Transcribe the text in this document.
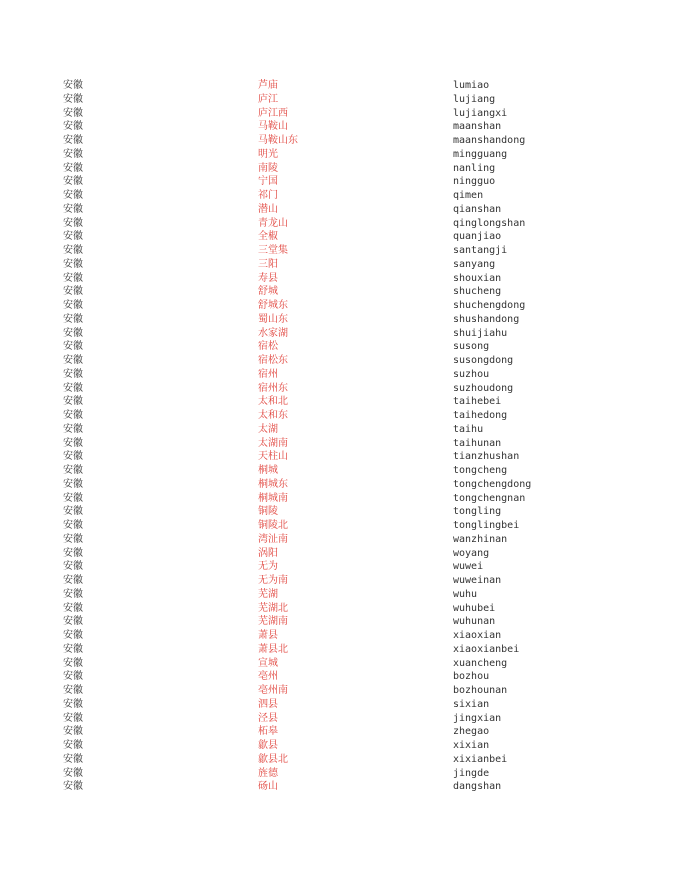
安徽	芦庙	lumiao
安徽	庐江	lujiang
安徽	庐江西	lujiangxi
安徽	马鞍山	maanshan
安徽	马鞍山东	maanshandong
安徽	明光	mingguang
安徽	南陵	nanling
安徽	宁国	ningguo
安徽	祁门	qimen
安徽	潜山	qianshan
安徽	青龙山	qinglongshan
安徽	全椒	quanjiao
安徽	三堂集	santangji
安徽	三阳	sanyang
安徽	寿县	shouxian
安徽	舒城	shucheng
安徽	舒城东	shuchengdong
安徽	蜀山东	shushandong
安徽	水家湖	shuijiahu
安徽	宿松	susong
安徽	宿松东	susongdong
安徽	宿州	suzhou
安徽	宿州东	suzhoudong
安徽	太和北	taihebei
安徽	太和东	taihedong
安徽	太湖	taihu
安徽	太湖南	taihunan
安徽	天柱山	tianzhushan
安徽	桐城	tongcheng
安徽	桐城东	tongchengdong
安徽	桐城南	tongchengnan
安徽	铜陵	tongling
安徽	铜陵北	tonglingbei
安徽	湾沚南	wanzhinan
安徽	涡阳	woyang
安徽	无为	wuwei
安徽	无为南	wuweinan
安徽	芜湖	wuhu
安徽	芜湖北	wuhubei
安徽	芜湖南	wuhunan
安徽	萧县	xiaoxian
安徽	萧县北	xiaoxianbei
安徽	宣城	xuancheng
安徽	亳州	bozhou
安徽	亳州南	bozhounan
安徽	泗县	sixian
安徽	泾县	jingxian
安徽	柘皋	zhegao
安徽	歙县	xixian
安徽	歙县北	xixianbei
安徽	旌德	jingde
安徽	砀山	dangshan
